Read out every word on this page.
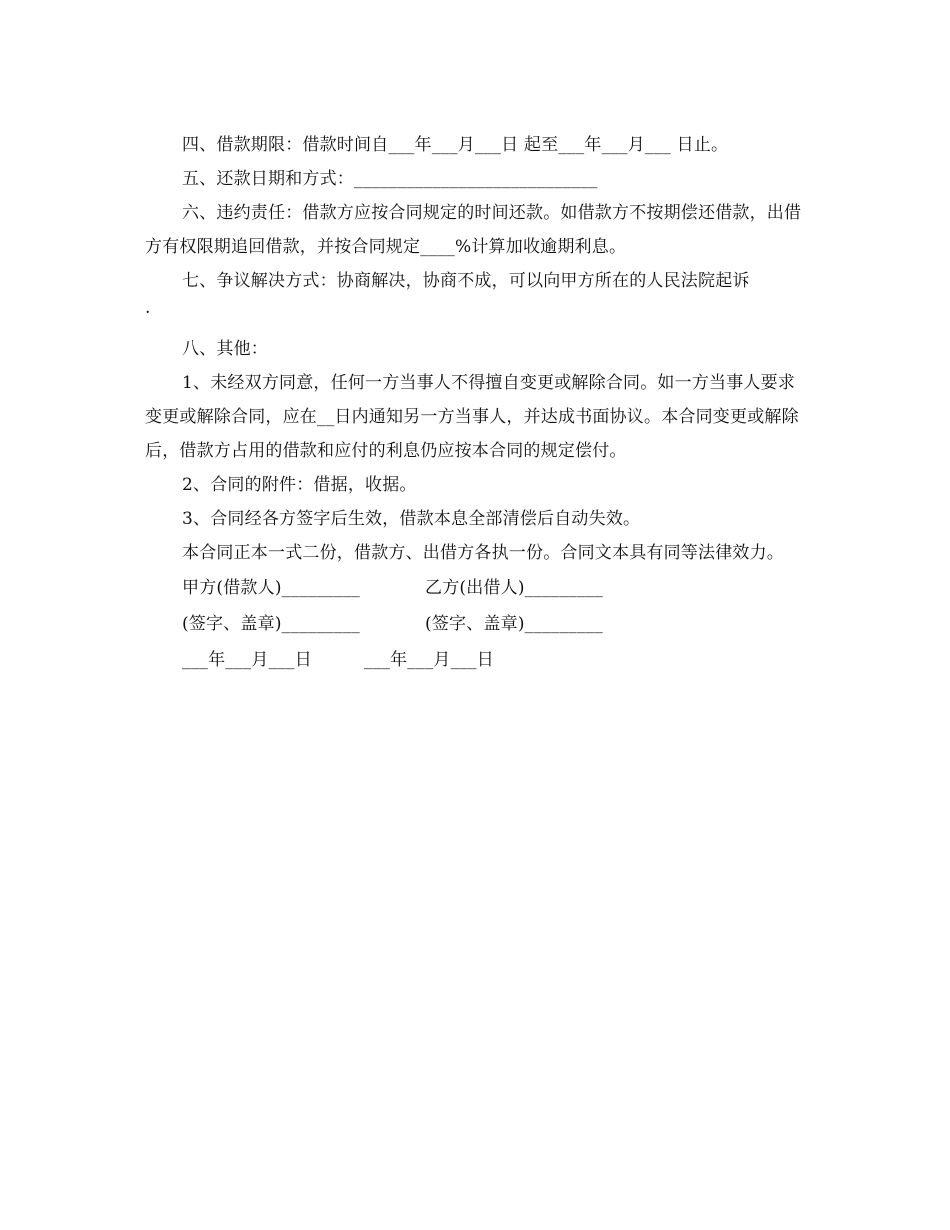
四、借款期限：借款时间自___年___月___日 起至___年___月___ 日止。

五、还款日期和方式：____________________________

六、违约责任：借款方应按合同规定的时间还款。如借款方不按期偿还借款，出借方有权限期追回借款，并按合同规定____%计算加收逾期利息。

七、争议解决方式：协商解决，协商不成，可以向甲方所在的人民法院起诉

.

八、其他：

1、未经双方同意，任何一方当事人不得擅自变更或解除合同。如一方当事人要求变更或解除合同，应在__日内通知另一方当事人，并达成书面协议。本合同变更或解除后，借款方占用的借款和应付的利息仍应按本合同的规定偿付。

2、合同的附件：借据，收据。

3、合同经各方签字后生效，借款本息全部清偿后自动失效。

本合同正本一式二份，借款方、出借方各执一份。合同文本具有同等法律效力。

甲方(借款人)_________	乙方(出借人)_________
(签字、盖章)_________	(签字、盖章)_________
___年___月___日	___年___月___日
